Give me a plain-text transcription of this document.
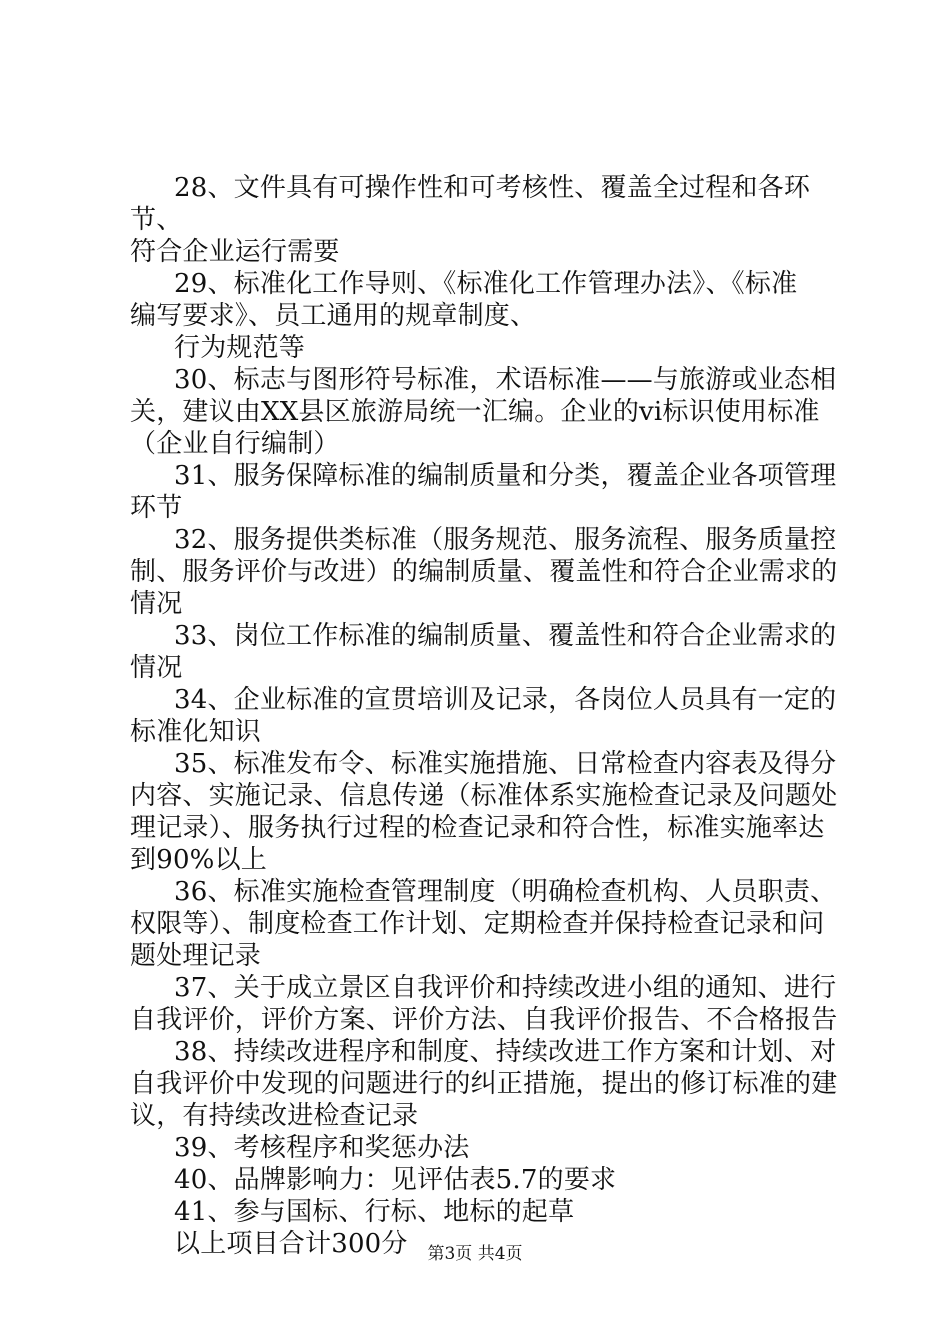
28、文件具有可操作性和可考核性、覆盖全过程和各环节、
符合企业运行需要

29、标准化工作导则、《标准化工作管理办法》、《标准
编写要求》、员工通用的规章制度、

行为规范等

30、标志与图形符号标准，术语标准——与旅游或业态相
关，建议由XX县区旅游局统一汇编。企业的vi标识使用标准
（企业自行编制）

31、服务保障标准的编制质量和分类，覆盖企业各项管理
环节

32、服务提供类标准（服务规范、服务流程、服务质量控
制、服务评价与改进）的编制质量、覆盖性和符合企业需求的
情况

33、岗位工作标准的编制质量、覆盖性和符合企业需求的
情况

34、企业标准的宣贯培训及记录，各岗位人员具有一定的
标准化知识

35、标准发布令、标准实施措施、日常检查内容表及得分
内容、实施记录、信息传递（标准体系实施检查记录及问题处
理记录）、服务执行过程的检查记录和符合性，标准实施率达
到90%以上

36、标准实施检查管理制度（明确检查机构、人员职责、
权限等）、制度检查工作计划、定期检查并保持检查记录和问
题处理记录

37、关于成立景区自我评价和持续改进小组的通知、进行
自我评价，评价方案、评价方法、自我评价报告、不合格报告

38、持续改进程序和制度、持续改进工作方案和计划、对
自我评价中发现的问题进行的纠正措施，提出的修订标准的建
议，有持续改进检查记录

39、考核程序和奖惩办法

40、品牌影响力：见评估表5.7的要求

41、参与国标、行标、地标的起草

以上项目合计300分	第3页 共4页
